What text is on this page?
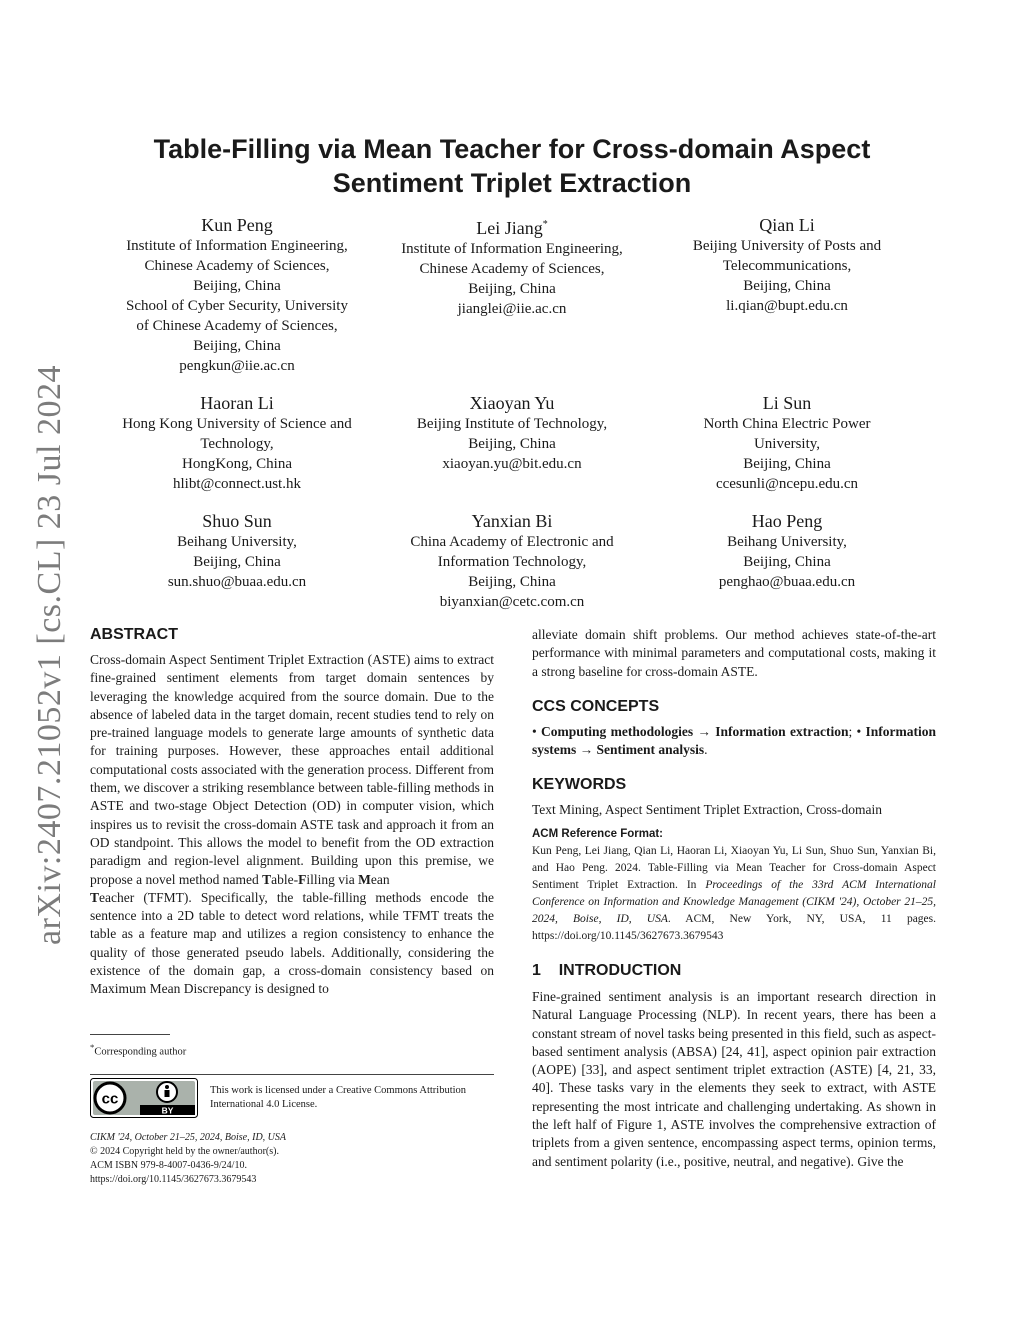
arXiv:2407.21052v1 [cs.CL] 23 Jul 2024
Table-Filling via Mean Teacher for Cross-domain Aspect
Sentiment Triplet Extraction
Kun Peng
Institute of Information Engineering,
Chinese Academy of Sciences,
Beijing, China
School of Cyber Security, University
of Chinese Academy of Sciences,
Beijing, China
pengkun@iie.ac.cn
Lei Jiang*
Institute of Information Engineering,
Chinese Academy of Sciences,
Beijing, China
jianglei@iie.ac.cn
Qian Li
Beijing University of Posts and
Telecommunications,
Beijing, China
li.qian@bupt.edu.cn
Haoran Li
Hong Kong University of Science and
Technology,
HongKong, China
hlibt@connect.ust.hk
Xiaoyan Yu
Beijing Institute of Technology,
Beijing, China
xiaoyan.yu@bit.edu.cn
Li Sun
North China Electric Power
University,
Beijing, China
ccesunli@ncepu.edu.cn
Shuo Sun
Beihang University,
Beijing, China
sun.shuo@buaa.edu.cn
Yanxian Bi
China Academy of Electronic and
Information Technology,
Beijing, China
biyanxian@cetc.com.cn
Hao Peng
Beihang University,
Beijing, China
penghao@buaa.edu.cn
ABSTRACT
Cross-domain Aspect Sentiment Triplet Extraction (ASTE) aims to extract fine-grained sentiment elements from target domain sentences by leveraging the knowledge acquired from the source domain. Due to the absence of labeled data in the target domain, recent studies tend to rely on pre-trained language models to generate large amounts of synthetic data for training purposes. However, these approaches entail additional computational costs associated with the generation process. Different from them, we discover a striking resemblance between table-filling methods in ASTE and two-stage Object Detection (OD) in computer vision, which inspires us to revisit the cross-domain ASTE task and approach it from an OD standpoint. This allows the model to benefit from the OD extraction paradigm and region-level alignment. Building upon this premise, we propose a novel method named Table-Filling via Mean
Teacher (TFMT). Specifically, the table-filling methods encode the sentence into a 2D table to detect word relations, while TFMT treats the table as a feature map and utilizes a region consistency to enhance the quality of those generated pseudo labels. Additionally, considering the existence of the domain gap, a cross-domain consistency based on Maximum Mean Discrepancy is designed to
*Corresponding author
cc
BY
This work is licensed under a Creative Commons Attribution
International 4.0 License.
CIKM '24, October 21–25, 2024, Boise, ID, USA
© 2024 Copyright held by the owner/author(s).
ACM ISBN 979-8-4007-0436-9/24/10.
https://doi.org/10.1145/3627673.3679543
alleviate domain shift problems. Our method achieves state-of-the-art performance with minimal parameters and computational costs, making it a strong baseline for cross-domain ASTE.
CCS CONCEPTS
• Computing methodologies → Information extraction; • Information systems → Sentiment analysis.
KEYWORDS
Text Mining, Aspect Sentiment Triplet Extraction, Cross-domain
ACM Reference Format:
Kun Peng, Lei Jiang, Qian Li, Haoran Li, Xiaoyan Yu, Li Sun, Shuo Sun, Yanxian Bi, and Hao Peng. 2024. Table-Filling via Mean Teacher for Cross-domain Aspect Sentiment Triplet Extraction. In Proceedings of the 33rd ACM International Conference on Information and Knowledge Management (CIKM '24), October 21–25, 2024, Boise, ID, USA. ACM, New York, NY, USA, 11 pages. https://doi.org/10.1145/3627673.3679543
1 INTRODUCTION
Fine-grained sentiment analysis is an important research direction in Natural Language Processing (NLP). In recent years, there has been a constant stream of novel tasks being presented in this field, such as aspect-based sentiment analysis (ABSA) [24, 41], aspect opinion pair extraction (AOPE) [33], and aspect sentiment triplet extraction (ASTE) [4, 21, 33, 40]. These tasks vary in the elements they seek to extract, with ASTE representing the most intricate and challenging undertaking. As shown in the left half of Figure 1, ASTE involves the comprehensive extraction of triplets from a given sentence, encompassing aspect terms, opinion terms, and sentiment polarity (i.e., positive, neutral, and negative). Give the
